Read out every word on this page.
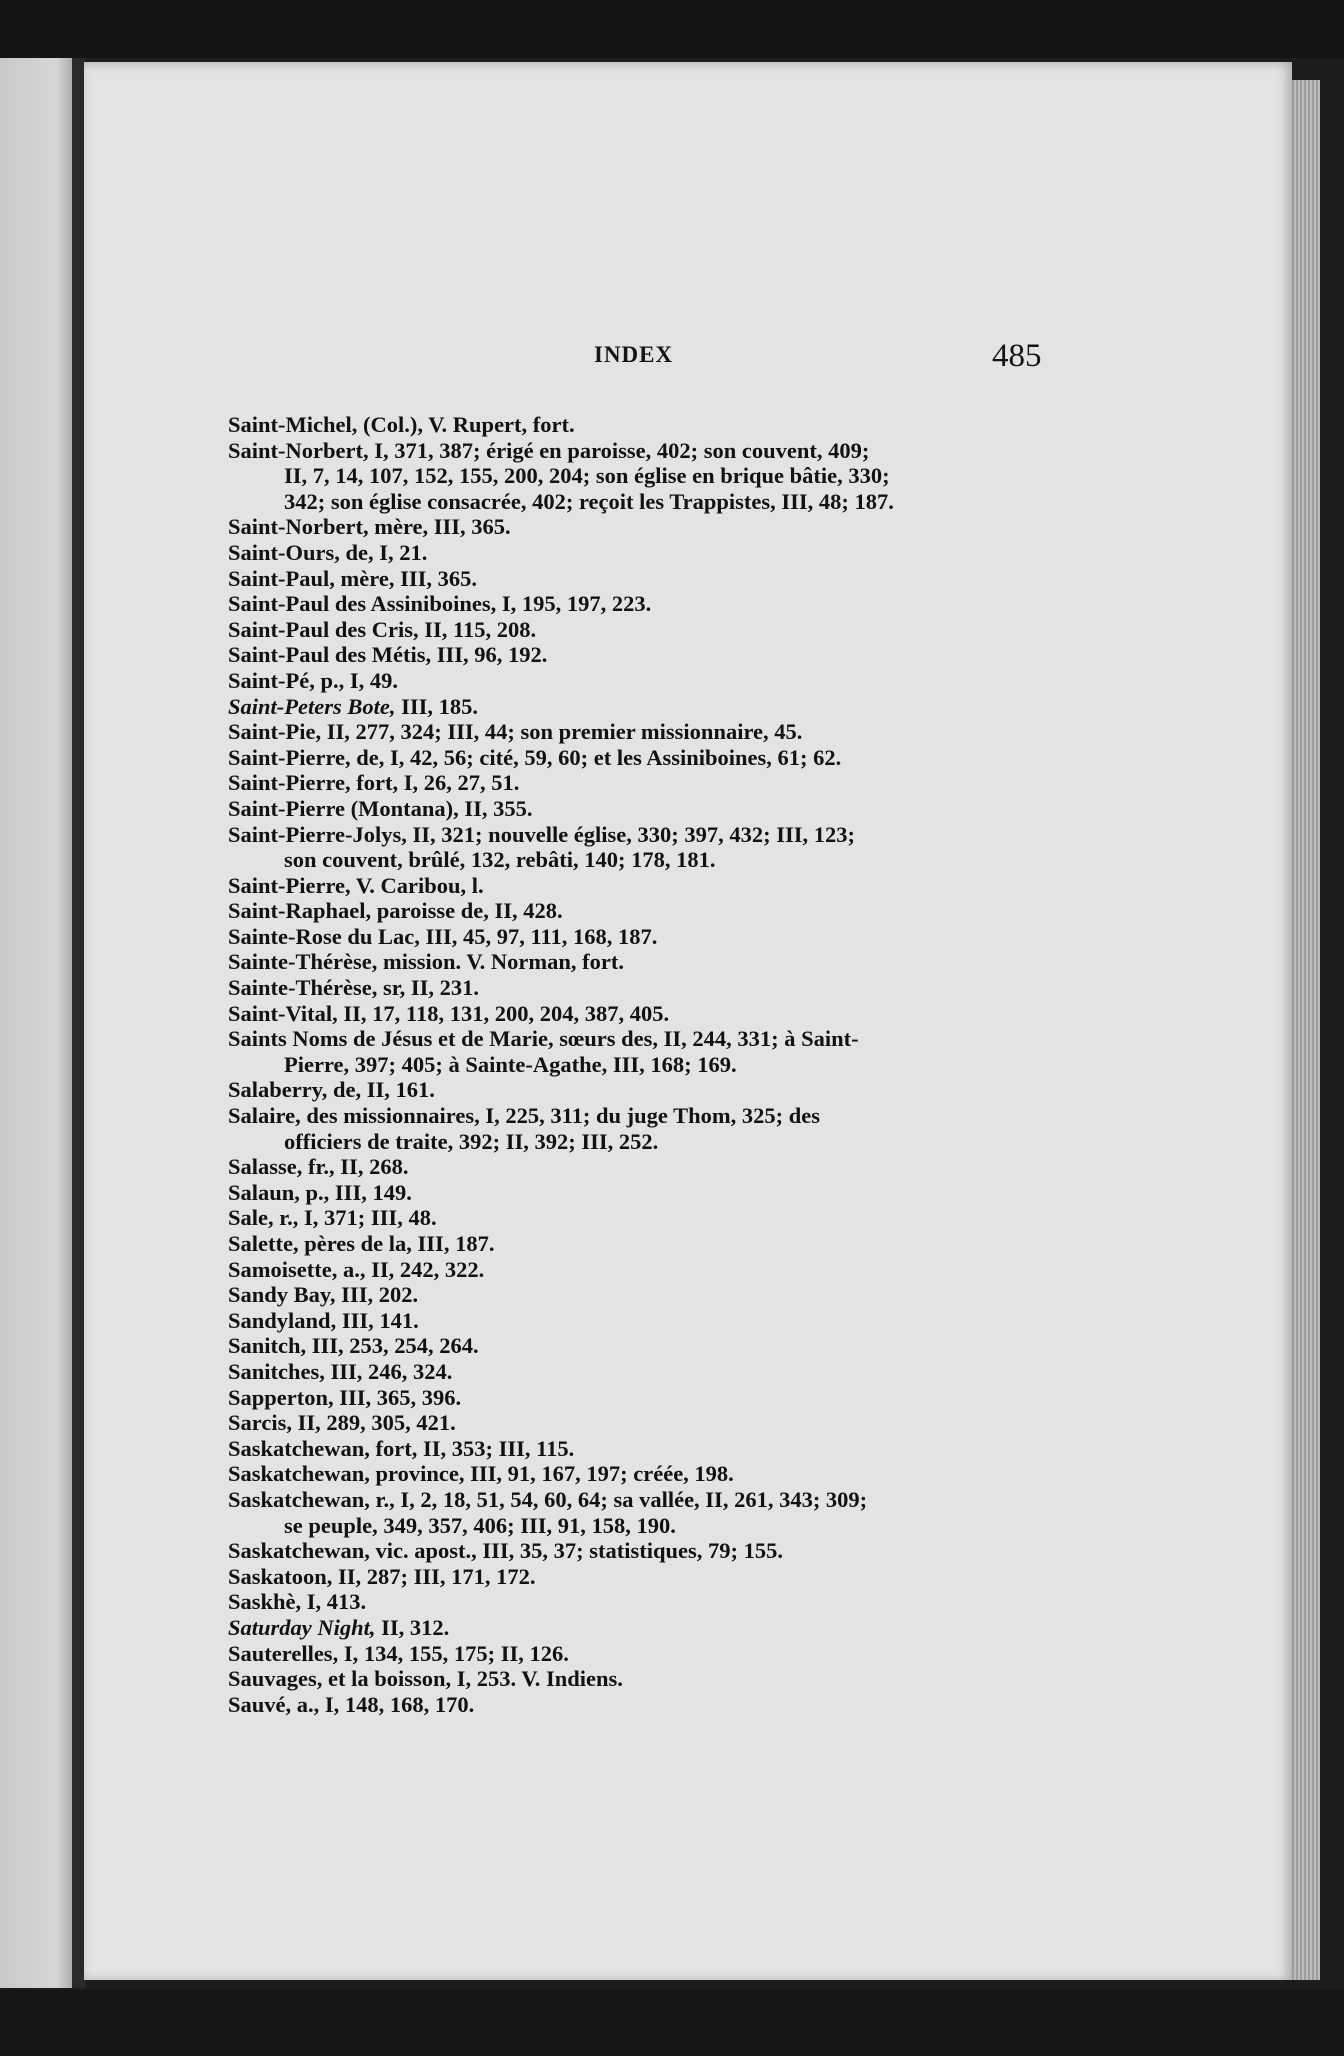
INDEX	485
Saint-Michel, (Col.), V. Rupert, fort.
Saint-Norbert, I, 371, 387; érigé en paroisse, 402; son couvent, 409;
II, 7, 14, 107, 152, 155, 200, 204; son église en brique bâtie, 330;
342; son église consacrée, 402; reçoit les Trappistes, III, 48; 187.
Saint-Norbert, mère, III, 365.
Saint-Ours, de, I, 21.
Saint-Paul, mère, III, 365.
Saint-Paul des Assiniboines, I, 195, 197, 223.
Saint-Paul des Cris, II, 115, 208.
Saint-Paul des Métis, III, 96, 192.
Saint-Pé, p., I, 49.
Saint-Peters Bote, III, 185.
Saint-Pie, II, 277, 324; III, 44; son premier missionnaire, 45.
Saint-Pierre, de, I, 42, 56; cité, 59, 60; et les Assiniboines, 61; 62.
Saint-Pierre, fort, I, 26, 27, 51.
Saint-Pierre (Montana), II, 355.
Saint-Pierre-Jolys, II, 321; nouvelle église, 330; 397, 432; III, 123;
son couvent, brûlé, 132, rebâti, 140; 178, 181.
Saint-Pierre, V. Caribou, l.
Saint-Raphael, paroisse de, II, 428.
Sainte-Rose du Lac, III, 45, 97, 111, 168, 187.
Sainte-Thérèse, mission. V. Norman, fort.
Sainte-Thérèse, sr, II, 231.
Saint-Vital, II, 17, 118, 131, 200, 204, 387, 405.
Saints Noms de Jésus et de Marie, sœurs des, II, 244, 331; à Saint-
Pierre, 397; 405; à Sainte-Agathe, III, 168; 169.
Salaberry, de, II, 161.
Salaire, des missionnaires, I, 225, 311; du juge Thom, 325; des
officiers de traite, 392; II, 392; III, 252.
Salasse, fr., II, 268.
Salaun, p., III, 149.
Sale, r., I, 371; III, 48.
Salette, pères de la, III, 187.
Samoisette, a., II, 242, 322.
Sandy Bay, III, 202.
Sandyland, III, 141.
Sanitch, III, 253, 254, 264.
Sanitches, III, 246, 324.
Sapperton, III, 365, 396.
Sarcis, II, 289, 305, 421.
Saskatchewan, fort, II, 353; III, 115.
Saskatchewan, province, III, 91, 167, 197; créée, 198.
Saskatchewan, r., I, 2, 18, 51, 54, 60, 64; sa vallée, II, 261, 343; 309;
se peuple, 349, 357, 406; III, 91, 158, 190.
Saskatchewan, vic. apost., III, 35, 37; statistiques, 79; 155.
Saskatoon, II, 287; III, 171, 172.
Saskhè, I, 413.
Saturday Night, II, 312.
Sauterelles, I, 134, 155, 175; II, 126.
Sauvages, et la boisson, I, 253. V. Indiens.
Sauvé, a., I, 148, 168, 170.
